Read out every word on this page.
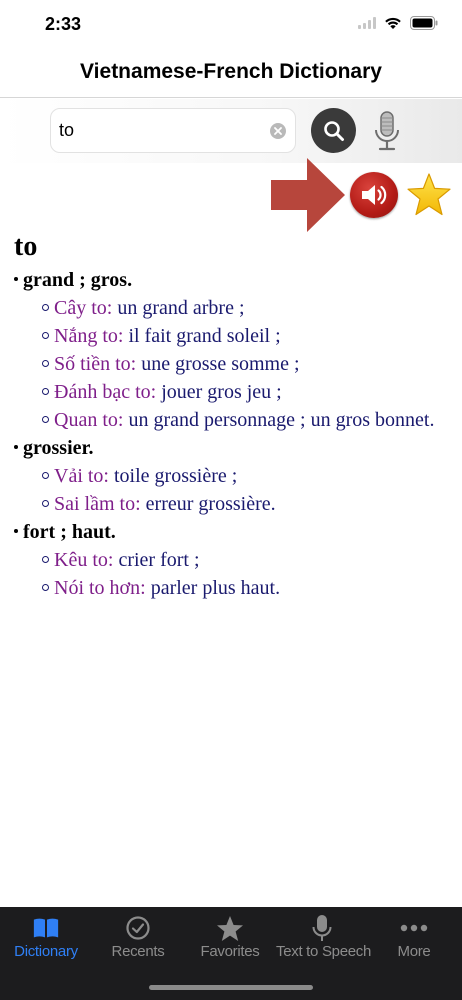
2:33
Vietnamese-French Dictionary
to
to
grand ; gros.
Cây to: un grand arbre ;
Nắng to: il fait grand soleil ;
Số tiền to: une grosse somme ;
Đánh bạc to: jouer gros jeu ;
Quan to: un grand personnage ; un gros bonnet.
grossier.
Vải to: toile grossière ;
Sai lầm to: erreur grossière.
fort ; haut.
Kêu to: crier fort ;
Nói to hơn: parler plus haut.
Dictionary	Recents	Favorites	Text to Speech	More
